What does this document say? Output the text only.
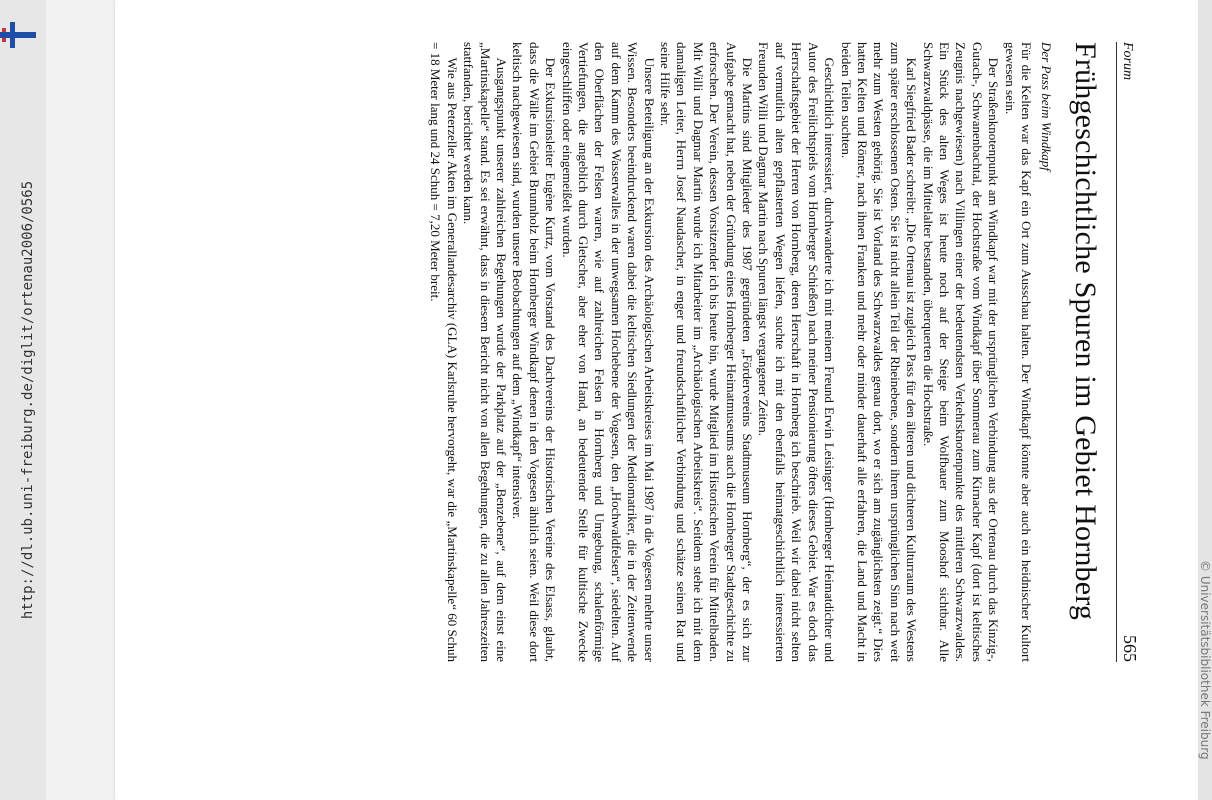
http://dl.ub.uni-freiburg.de/diglit/ortenau2006/0565
© Universitätsbibliothek Freiburg
Forum
565
Frühgeschichtliche Spuren im Gebiet Hornberg
Der Pass beim Windkapf

Für die Kelten war das Kapf ein Ort zum Ausschau halten. Der Windkapf könnte aber auch ein heidnischer Kultort gewesen sein.

Der Straßenknotenpunkt am Windkapf war mit der ursprünglichen Verbindung aus der Ortenau durch das Kinzig-, Gutach-, Schwanenbachtal, der Hochstraße vom Windkapf über Sommerau zum Kirnacher Kapf (dort ist keltisches Zeugnis nachgewiesen) nach Villingen einer der bedeutendsten Verkehrsknotenpunkte des mittleren Schwarzwaldes. Ein Stück des alten Weges ist heute noch auf der Steige beim Wolfbauer zum Mooshof sichtbar. Alle Schwarzwaldpässe, die im Mittelalter bestanden, überquerten die Hochstraße.

Karl Siegfried Bader schreibt: „Die Ortenau ist zugleich Pass für den älteren und dichteren Kulturraum des Westens zum später erschlossenen Osten. Sie ist nicht allein Teil der Rheinebene, sondern ihrem ursprünglichen Sinn nach weit mehr zum Westen gehörig. Sie ist Vorland des Schwarzwaldes genau dort, wo er sich am zugänglichsten zeigt.“ Dies hatten Kelten und Römer, nach ihnen Franken und mehr oder minder dauerhaft alle erfahren, die Land und Macht in beiden Teilen suchten.

Geschichtlich interessiert, durchwanderte ich mit meinem Freund Erwin Leisinger (Hornberger Heimatdichter und Autor des Freilichtspiels vom Hornberger Schießen) nach meiner Pensionierung öfters dieses Gebiet. War es doch das Herrschaftsgebiet der Herren von Hornberg, deren Herrschaft in Hornberg ich beschrieb. Weil wir dabei nicht selten auf vermutlich alten gepflasterten Wegen liefen, suchte ich mit den ebenfalls heimatgeschichtlich interessierten Freunden Willi und Dagmar Martin nach Spuren längst vergangener Zeiten.

Die Martins sind Mitglieder des 1987 gegründeten „Fördervereins Stadtmuseum Hornberg“, der es sich zur Aufgabe gemacht hat, neben der Gründung eines Hornberger Heimatmuseums auch die Hornberger Stadtgeschichte zu erforschen. Der Verein, dessen Vorsitzender ich bis heute bin, wurde Mitglied im Historischen Verein für Mittelbaden. Mit Willi und Dagmar Martin wurde ich Mitarbeiter im „Archäologischen Arbeitskreis“. Seitdem stehe ich mit dem damaligen Leiter, Herrn Josef Naudascher, in enger und freundschaftlicher Verbindung und schätze seinen Rat und seine Hilfe sehr.

Unsere Beteiligung an der Exkursion des Archäologischen Arbeitskreises im Mai 1987 in die Vogesen mehrte unser Wissen. Besonders beeindruckend waren dabei die keltischen Siedlungen der Mediomatriker, die in der Zeitenwende auf dem Kamm des Wasserwalles in der unwegsamen Hochebene der Vogesen, den „Hochwaldfelsen“, siedelten. Auf den Oberflächen der Felsen waren, wie auf zahlreichen Felsen in Hornberg und Umgebung, schalenförmige Vertiefungen, die angeblich durch Gletscher, aber eher von Hand, an bedeutender Stelle für kultische Zwecke eingeschliffen oder eingemeißelt wurden.

Der Exkursionsleiter Eugène Kurtz, vom Vorstand des Dachvereins der Historischen Vereine des Elsass, glaubt, dass die Wälle im Gebiet Brunnholz beim Hornberger Windkapf denen in den Vogesen ähnlich seien. Weil diese dort keltisch nachgewiesen sind, wurden unsere Beobachtungen auf dem „Windkapf“ intensiver.

Ausgangspunkt unserer zahlreichen Begehungen wurde der Parkplatz auf der „Benzebene“, auf dem einst eine „Martinskapelle“ stand. Es sei erwähnt, dass in diesem Bericht nicht von allen Begehungen, die zu allen Jahreszeiten stattfanden, berichtet werden kann.

Wie aus Peterzeller Akten im Generallandesarchiv (GLA) Karlsruhe hervorgeht, war die „Martinskapelle“ 60 Schuh = 18 Meter lang und 24 Schuh = 7,20 Meter breit.
